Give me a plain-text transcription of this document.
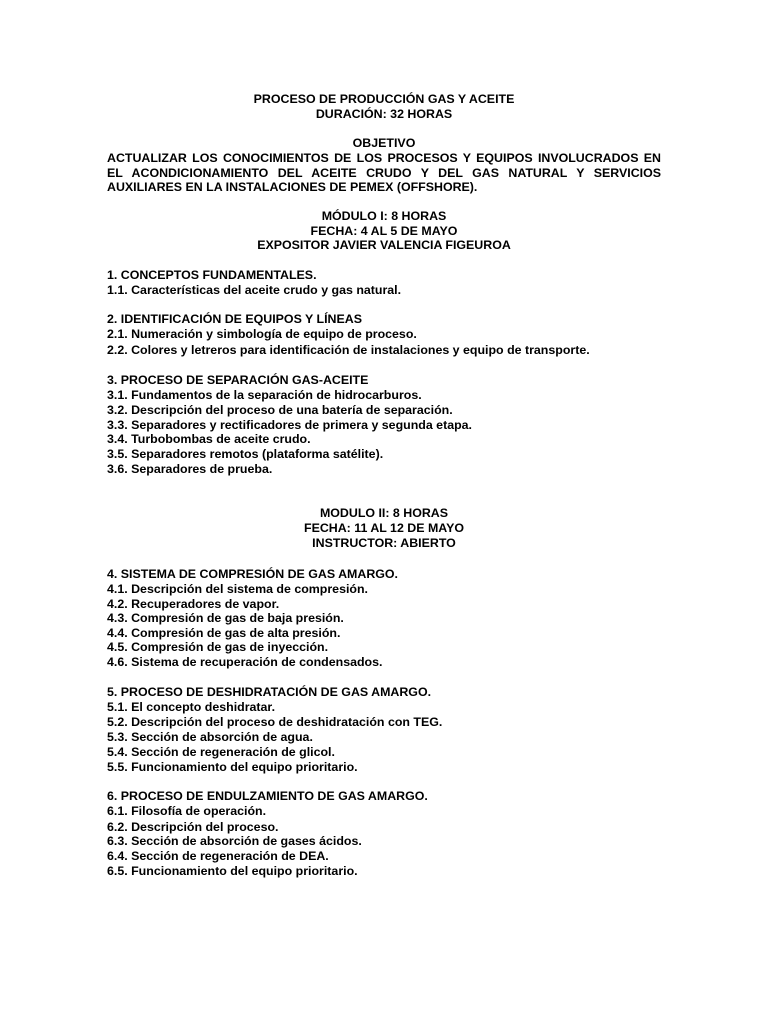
PROCESO DE PRODUCCIÓN GAS Y ACEITE
DURACIÓN: 32 HORAS
OBJETIVO
ACTUALIZAR LOS CONOCIMIENTOS DE LOS PROCESOS Y EQUIPOS INVOLUCRADOS EN
EL ACONDICIONAMIENTO DEL ACEITE CRUDO Y DEL GAS NATURAL Y SERVICIOS
AUXILIARES EN LA INSTALACIONES DE PEMEX (OFFSHORE).
MÓDULO I: 8 HORAS
FECHA: 4 AL 5 DE MAYO
EXPOSITOR JAVIER VALENCIA FIGEUROA
1. CONCEPTOS FUNDAMENTALES.
1.1. Características del aceite crudo y gas natural.
2. IDENTIFICACIÓN DE EQUIPOS Y LÍNEAS
2.1. Numeración y simbología de equipo de proceso.
2.2. Colores y letreros para identificación de instalaciones y equipo de transporte.
3. PROCESO DE SEPARACIÓN GAS-ACEITE
3.1. Fundamentos de la separación de hidrocarburos.
3.2. Descripción del proceso de una batería de separación.
3.3. Separadores y rectificadores de primera y segunda etapa.
3.4. Turbobombas de aceite crudo.
3.5. Separadores remotos (plataforma satélite).
3.6. Separadores de prueba.
MODULO II: 8 HORAS
FECHA: 11 AL 12 DE MAYO
INSTRUCTOR: ABIERTO
4. SISTEMA DE COMPRESIÓN DE GAS AMARGO.
4.1. Descripción del sistema de compresión.
4.2. Recuperadores de vapor.
4.3. Compresión de gas de baja presión.
4.4. Compresión de gas de alta presión.
4.5. Compresión de gas de inyección.
4.6. Sistema de recuperación de condensados.
5. PROCESO DE DESHIDRATACIÓN DE GAS AMARGO.
5.1. El concepto deshidratar.
5.2. Descripción del proceso de deshidratación con TEG.
5.3. Sección de absorción de agua.
5.4. Sección de regeneración de glicol.
5.5. Funcionamiento del equipo prioritario.
6. PROCESO DE ENDULZAMIENTO DE GAS AMARGO.
6.1. Filosofía de operación.
6.2. Descripción del proceso.
6.3. Sección de absorción de gases ácidos.
6.4. Sección de regeneración de DEA.
6.5. Funcionamiento del equipo prioritario.
